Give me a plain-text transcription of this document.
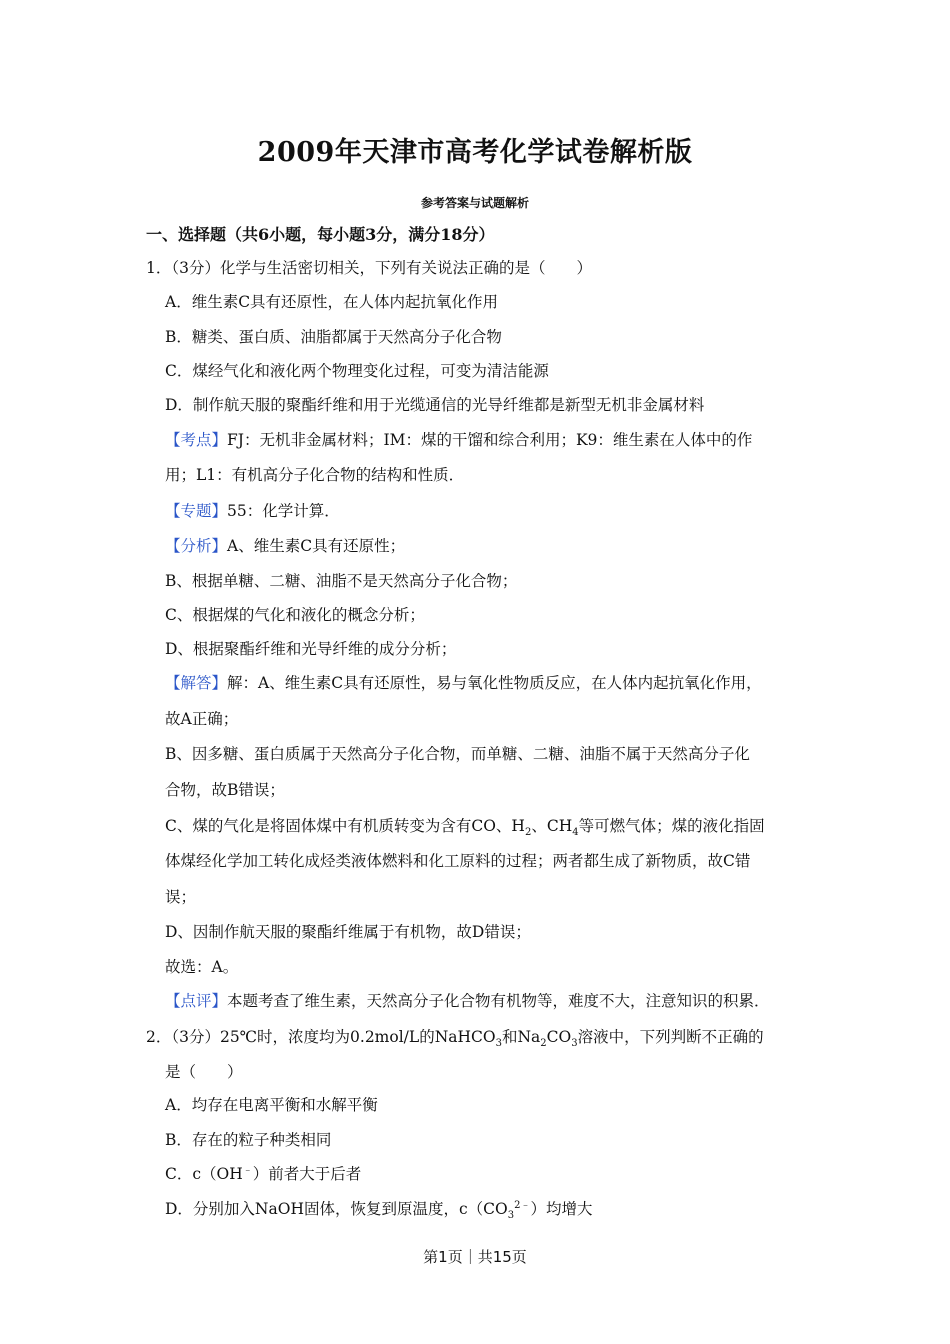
2009年天津市高考化学试卷解析版
参考答案与试题解析
一、选择题（共6小题，每小题3分，满分18分）
1．（3分）化学与生活密切相关，下列有关说法正确的是（　　）
A．维生素C具有还原性，在人体内起抗氧化作用
B．糖类、蛋白质、油脂都属于天然高分子化合物
C．煤经气化和液化两个物理变化过程，可变为清洁能源
D．制作航天服的聚酯纤维和用于光缆通信的光导纤维都是新型无机非金属材料
【考点】FJ：无机非金属材料；IM：煤的干馏和综合利用；K9：维生素在人体中的作
用；L1：有机高分子化合物的结构和性质．
【专题】55：化学计算．
【分析】A、维生素C具有还原性；
B、根据单糖、二糖、油脂不是天然高分子化合物；
C、根据煤的气化和液化的概念分析；
D、根据聚酯纤维和光导纤维的成分分析；
【解答】解：A、维生素C具有还原性，易与氧化性物质反应，在人体内起抗氧化作用，
故A正确；
B、因多糖、蛋白质属于天然高分子化合物，而单糖、二糖、油脂不属于天然高分子化
合物，故B错误；
C、煤的气化是将固体煤中有机质转变为含有CO、$H_2$、$CH_4$等可燃气体；煤的液化指固
体煤经化学加工转化成烃类液体燃料和化工原料的过程；两者都生成了新物质，故C错
误；
D、因制作航天服的聚酯纤维属于有机物，故D错误；
故选：A。
【点评】本题考查了维生素，天然高分子化合物有机物等，难度不大，注意知识的积累．
2．（3分）25℃时，浓度均为0.2mol/L的NaHCO$_3$和$Na_2CO_3$溶液中，下列判断不正确的
是（　　）
A．均存在电离平衡和水解平衡
B．存在的粒子种类相同
C．c（OH﹣）前者大于后者
D．分别加入NaOH固体，恢复到原温度，$c(CO_3^{2﹣})$均增大
第1页｜共15页
